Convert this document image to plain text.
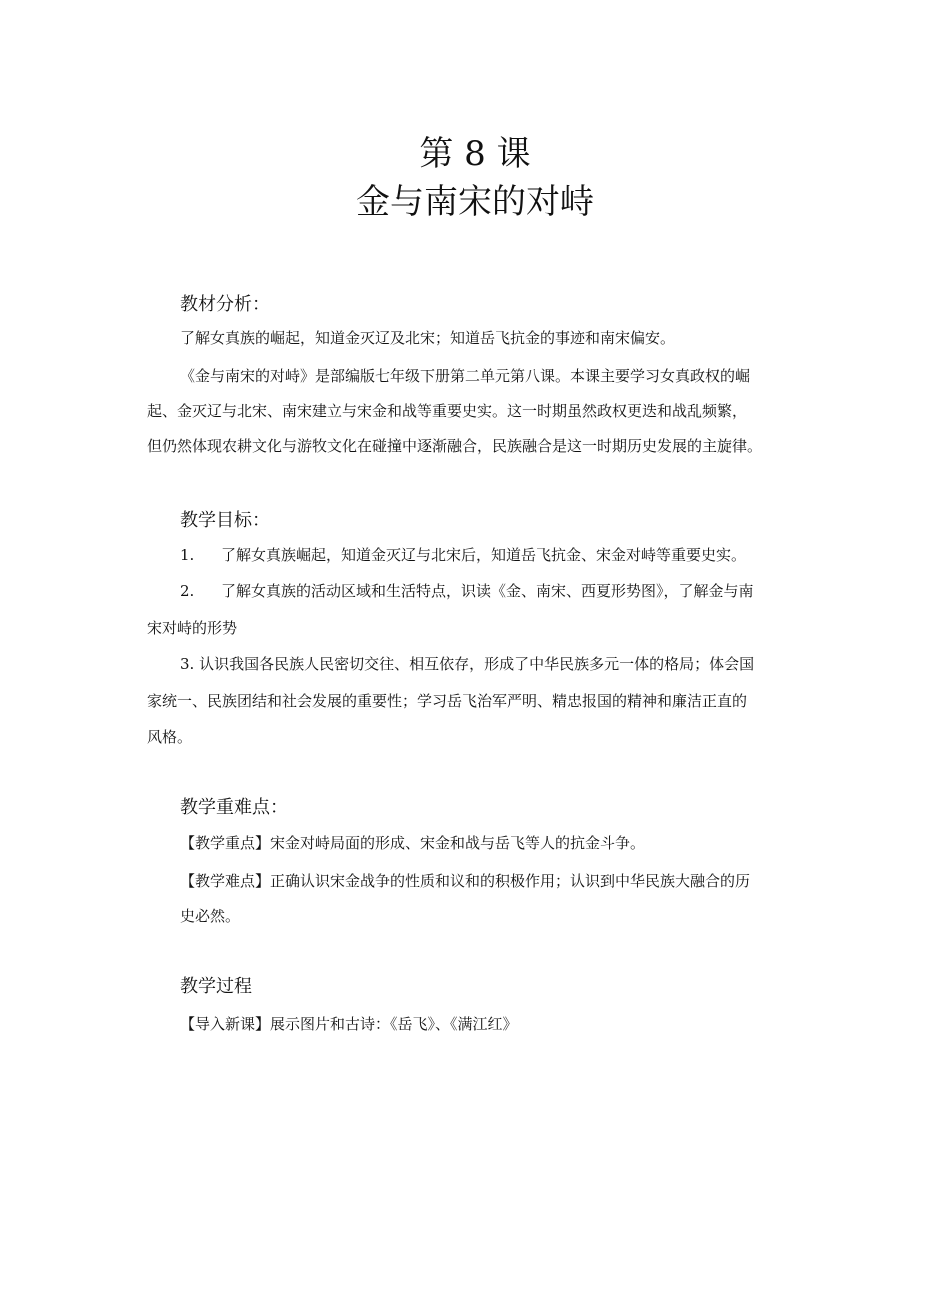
第 8 课
金与南宋的对峙
教材分析：
了解女真族的崛起，知道金灭辽及北宋；知道岳飞抗金的事迹和南宋偏安。
《金与南宋的对峙》是部编版七年级下册第二单元第八课。本课主要学习女真政权的崛
起、金灭辽与北宋、南宋建立与宋金和战等重要史实。这一时期虽然政权更迭和战乱频繁，
但仍然体现农耕文化与游牧文化在碰撞中逐渐融合，民族融合是这一时期历史发展的主旋律。
教学目标：
1. 了解女真族崛起，知道金灭辽与北宋后，知道岳飞抗金、宋金对峙等重要史实。
2. 了解女真族的活动区域和生活特点，识读《金、南宋、西夏形势图》，了解金与南
宋对峙的形势
3. 认识我国各民族人民密切交往、相互依存，形成了中华民族多元一体的格局；体会国
家统一、民族团结和社会发展的重要性；学习岳飞治军严明、精忠报国的精神和廉洁正直的
风格。
教学重难点：
【教学重点】宋金对峙局面的形成、宋金和战与岳飞等人的抗金斗争。
【教学难点】正确认识宋金战争的性质和议和的积极作用；认识到中华民族大融合的历
史必然。
教学过程
【导入新课】展示图片和古诗：《岳飞》、《满江红》
